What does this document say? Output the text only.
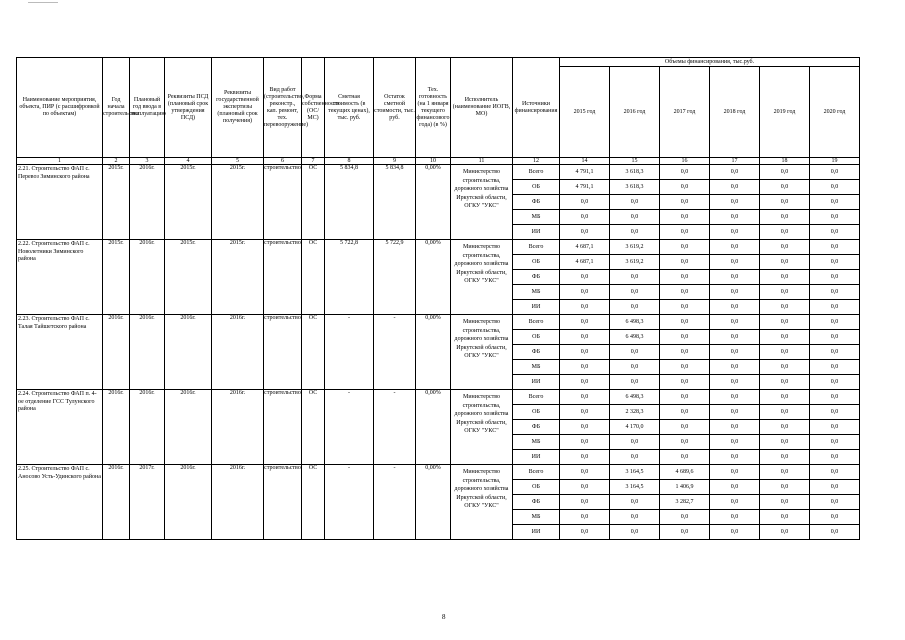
Наименование мероприятия, объекта, ПИР (с расшифровкой по объектам)	Год начала строительства	Плановый год ввода в эксплуатацию	Реквизиты ПСД (плановый срок утверждения ПСД)	Реквизиты государственной экспертизы (плановый срок получения)	Вид работ (строительство, реконстр., кап. ремонт, тех. перевооружение)	Форма собственности (ОС/МС)	Сметная стоимость (в текущих ценах), тыс. руб.	Остаток сметной стоимости, тыс. руб.	Тех. готовность (на 1 января текущего финансового года) (в %)	Исполнитель (наименование ИОГВ, МО)	Источники финансирования	Объемы финансирования, тыс.руб.					
												2015 год	2016 год	2017 год	2018 год	2019 год	2020 год
1	2	3	4	5	6	7	8	9	10	11	12	14	15	16	17	18	19
2.21. Строительство ФАП с. Перевоз Зиминского района	2015г.	2016г.	2015г.	2015г.	строительство	ОС	5 834,8	5 834,8	0,00%	Министерство строительства, дорожного хозяйства Иркутской области, ОГКУ "УКС"	Всего	4 791,1	3 618,3	0,0	0,0	0,0	0,0
											ОБ	4 791,1	3 618,3	0,0	0,0	0,0	0,0
											ФБ	0,0	0,0	0,0	0,0	0,0	0,0
											МБ	0,0	0,0	0,0	0,0	0,0	0,0
											ИИ	0,0	0,0	0,0	0,0	0,0	0,0
2.22. Строительство ФАП с. Новолетники Зиминского района	2015г.	2016г.	2015г.	2015г.	строительство	ОС	5 722,8	5 722,9	0,00%	Министерство строительства, дорожного хозяйства Иркутской области, ОГКУ "УКС"	Всего	4 687,1	3 619,2	0,0	0,0	0,0	0,0
											ОБ	4 687,1	3 619,2	0,0	0,0	0,0	0,0
											ФБ	0,0	0,0	0,0	0,0	0,0	0,0
											МБ	0,0	0,0	0,0	0,0	0,0	0,0
											ИИ	0,0	0,0	0,0	0,0	0,0	0,0
2.23. Строительство ФАП с. Талая Тайшетского района	2016г.	2016г.	2016г.	2016г.	строительство	ОС	-	-	0,00%	Министерство строительства, дорожного хозяйства Иркутской области, ОГКУ "УКС"	Всего	0,0	6 498,3	0,0	0,0	0,0	0,0
											ОБ	0,0	6 498,3	0,0	0,0	0,0	0,0
											ФБ	0,0	0,0	0,0	0,0	0,0	0,0
											МБ	0,0	0,0	0,0	0,0	0,0	0,0
											ИИ	0,0	0,0	0,0	0,0	0,0	0,0
2.24. Строительство ФАП п. 4-ое отделение ГСС Тулунского района	2016г.	2016г.	2016г.	2016г.	строительство	ОС	-	-	0,00%	Министерство строительства, дорожного хозяйства Иркутской области, ОГКУ "УКС"	Всего	0,0	6 498,3	0,0	0,0	0,0	0,0
											ОБ	0,0	2 328,3	0,0	0,0	0,0	0,0
											ФБ	0,0	4 170,0	0,0	0,0	0,0	0,0
											МБ	0,0	0,0	0,0	0,0	0,0	0,0
											ИИ	0,0	0,0	0,0	0,0	0,0	0,0
2.25. Строительство ФАП с. Аносово Усть-Удинского района	2016г.	2017г.	2016г.	2016г.	строительство	ОС	-	-	0,00%	Министерство строительства, дорожного хозяйства Иркутской области, ОГКУ "УКС"	Всего	0,0	3 164,5	4 689,6	0,0	0,0	0,0
											ОБ	0,0	3 164,5	1 406,9	0,0	0,0	0,0
											ФБ	0,0	0,0	3 282,7	0,0	0,0	0,0
											МБ	0,0	0,0	0,0	0,0	0,0	0,0
											ИИ	0,0	0,0	0,0	0,0	0,0	0,0
8
